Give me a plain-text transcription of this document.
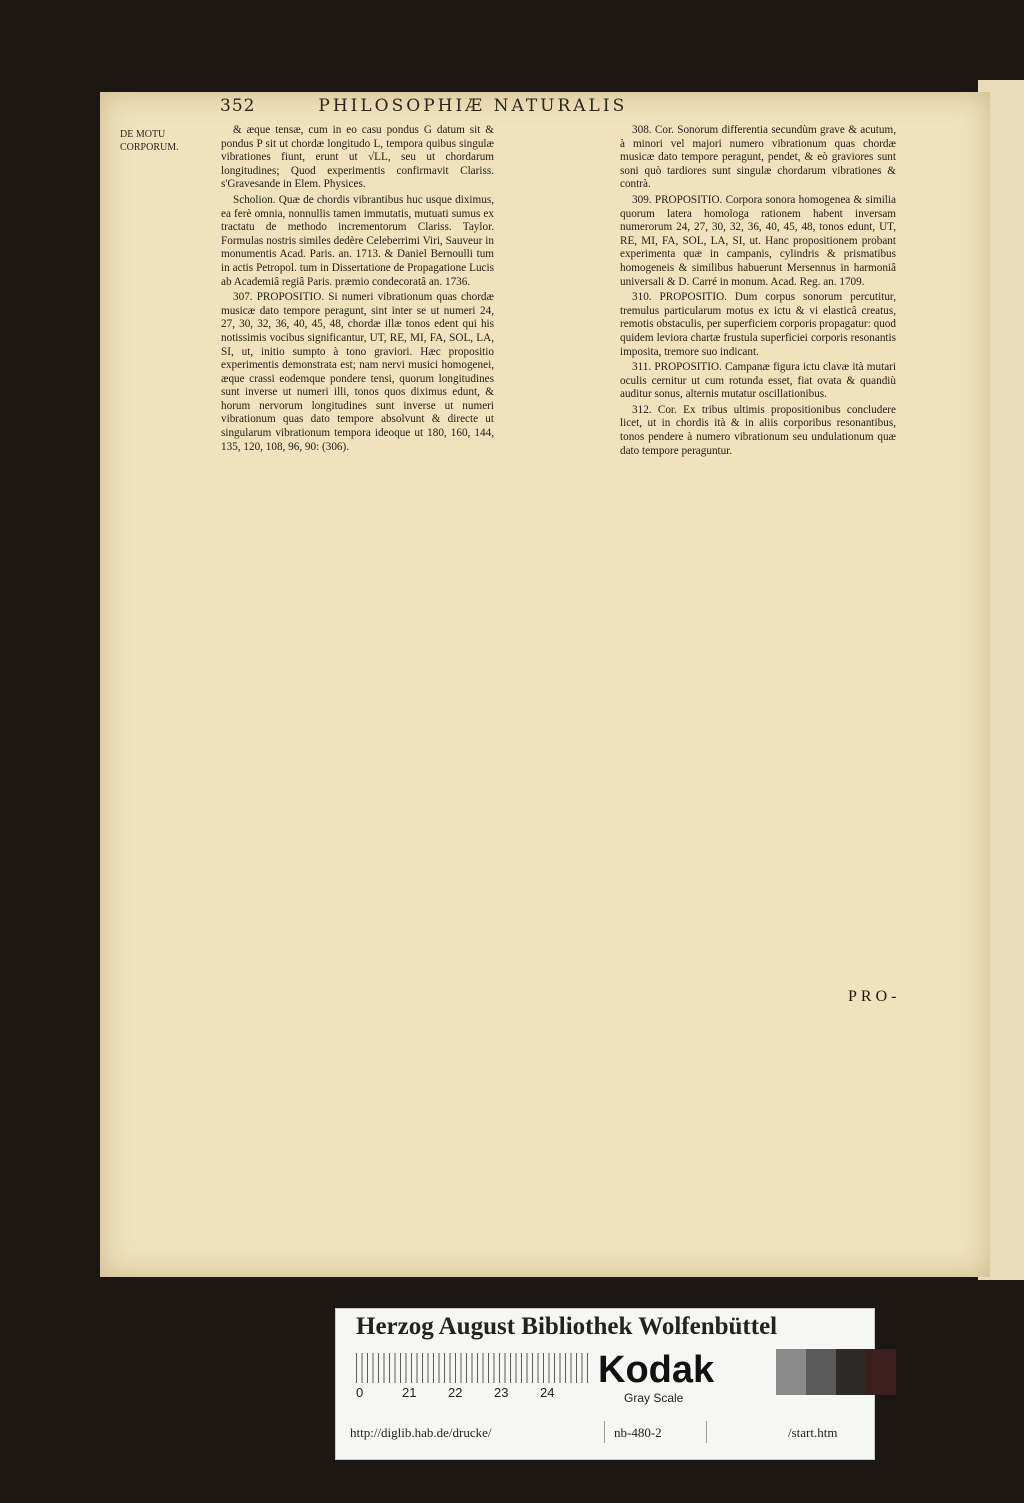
352	PHILOSOPHIÆ NATURALIS
DE MOTU CORPORUM.

& æque tensæ, cum in eo casu pondus G datum sit & pondus P sit ut chordæ longitudo L, tempora quibus singulæ vibrationes fiunt, erunt ut √LL, seu ut chordarum longitudines; Quod experimentis confirmavit Clariss. s'Gravesande in Elem. Physices.

Scholion. Quæ de chordis vibrantibus huc usque diximus, ea ferè omnia, nonnullis tamen immutatis, mutuati sumus ex tractatu de methodo incrementorum Clariss. Taylor. Formulas nostris similes dedère Celeberrimi Viri, Sauveur in monumentis Acad. Paris. an. 1713. & Daniel Bernoulli tum in actis Petropol. tum in Dissertatione de Propagatione Lucis ab Academiâ regiâ Paris. præmio condecoratâ an. 1736.

307. PROPOSITIO. Si numeri vibrationum quas chordæ musicæ dato tempore peragunt, sint inter se ut numeri 24, 27, 30, 32, 36, 40, 45, 48, chordæ illæ tonos edent qui his notissimis vocibus significantur, UT, RE, MI, FA, SOL, LA, SI, ut, initio sumpto à tono graviori. Hæc propositio experimentis demonstrata est; nam nervi musici homogenei, æque crassi eodemque pondere tensi, quorum longitudines sunt inverse ut numeri illi, tonos quos diximus edunt, & horum nervorum longitudines sunt inverse ut numeri vibrationum quas dato tempore absolvunt & directe ut singularum vibrationum tempora ideoque ut 180, 160, 144, 135, 120, 108, 96, 90: (306).

308. Cor. Sonorum differentia secundùm grave & acutum, à minori vel majori numero vibrationum quas chordæ musicæ dato tempore peragunt, pendet, & eò graviores sunt soni quò tardiores sunt singulæ chordarum vibrationes & contrà.

309. PROPOSITIO. Corpora sonora homogenea & similia quorum latera homologa rationem habent inversam numerorum 24, 27, 30, 32, 36, 40, 45, 48, tonos edunt, UT, RE, MI, FA, SOL, LA, SI, ut. Hanc propositionem probant experimenta quæ in campanis, cylindris & prismatibus homogeneis & similibus habuerunt Mersennus in harmoniâ universali & D. Carré in monum. Acad. Reg. an. 1709.

310. PROPOSITIO. Dum corpus sonorum percutitur, tremulus particularum motus ex ictu & vi elasticâ creatus, remotis obstaculis, per superficiem corporis propagatur: quod quidem leviora chartæ frustula superficiei corporis resonantis imposita, tremore suo indicant.

311. PROPOSITIO. Campanæ figura ictu clavæ ità mutari oculis cernitur ut cum rotunda esset, fiat ovata & quandiù auditur sonus, alternis mutatur oscillationibus.

312. Cor. Ex tribus ultimis propositionibus concludere licet, ut in chordis ità & in aliis corporibus resonantibus, tonos pendere à numero vibrationum seu undulationum quæ dato tempore peraguntur.

PRO-
Herzog August Bibliothek Wolfenbüttel
0	21 22 23 24
Kodak
Gray Scale
http://diglib.hab.de/drucke/	nb-480-2	/start.htm
